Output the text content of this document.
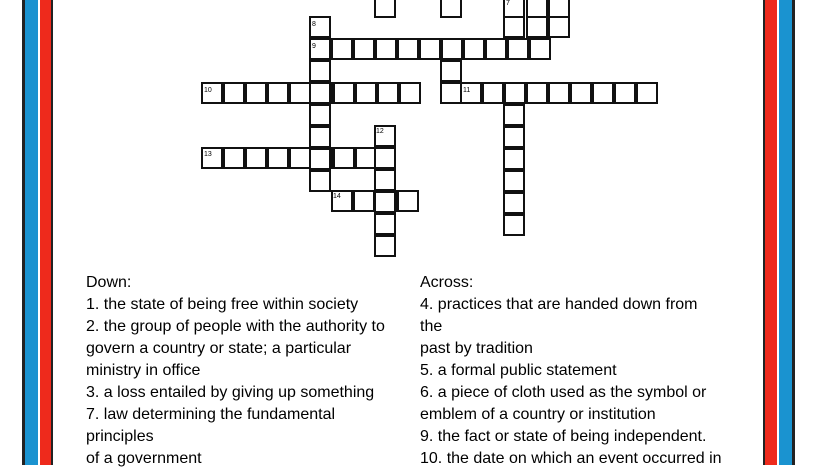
7
8
9
10	11
12
13
14
Down:
1. the state of being free within society
2. the group of people with the authority to
govern a country or state; a particular
ministry in office
3. a loss entailed by giving up something
7. law determining the fundamental
principles
of a government
Across:
4. practices that are handed down from
the
past by tradition
5. a formal public statement
6. a piece of cloth used as the symbol or
emblem of a country or institution
9. the fact or state of being independent.
10. the date on which an event occurred in
